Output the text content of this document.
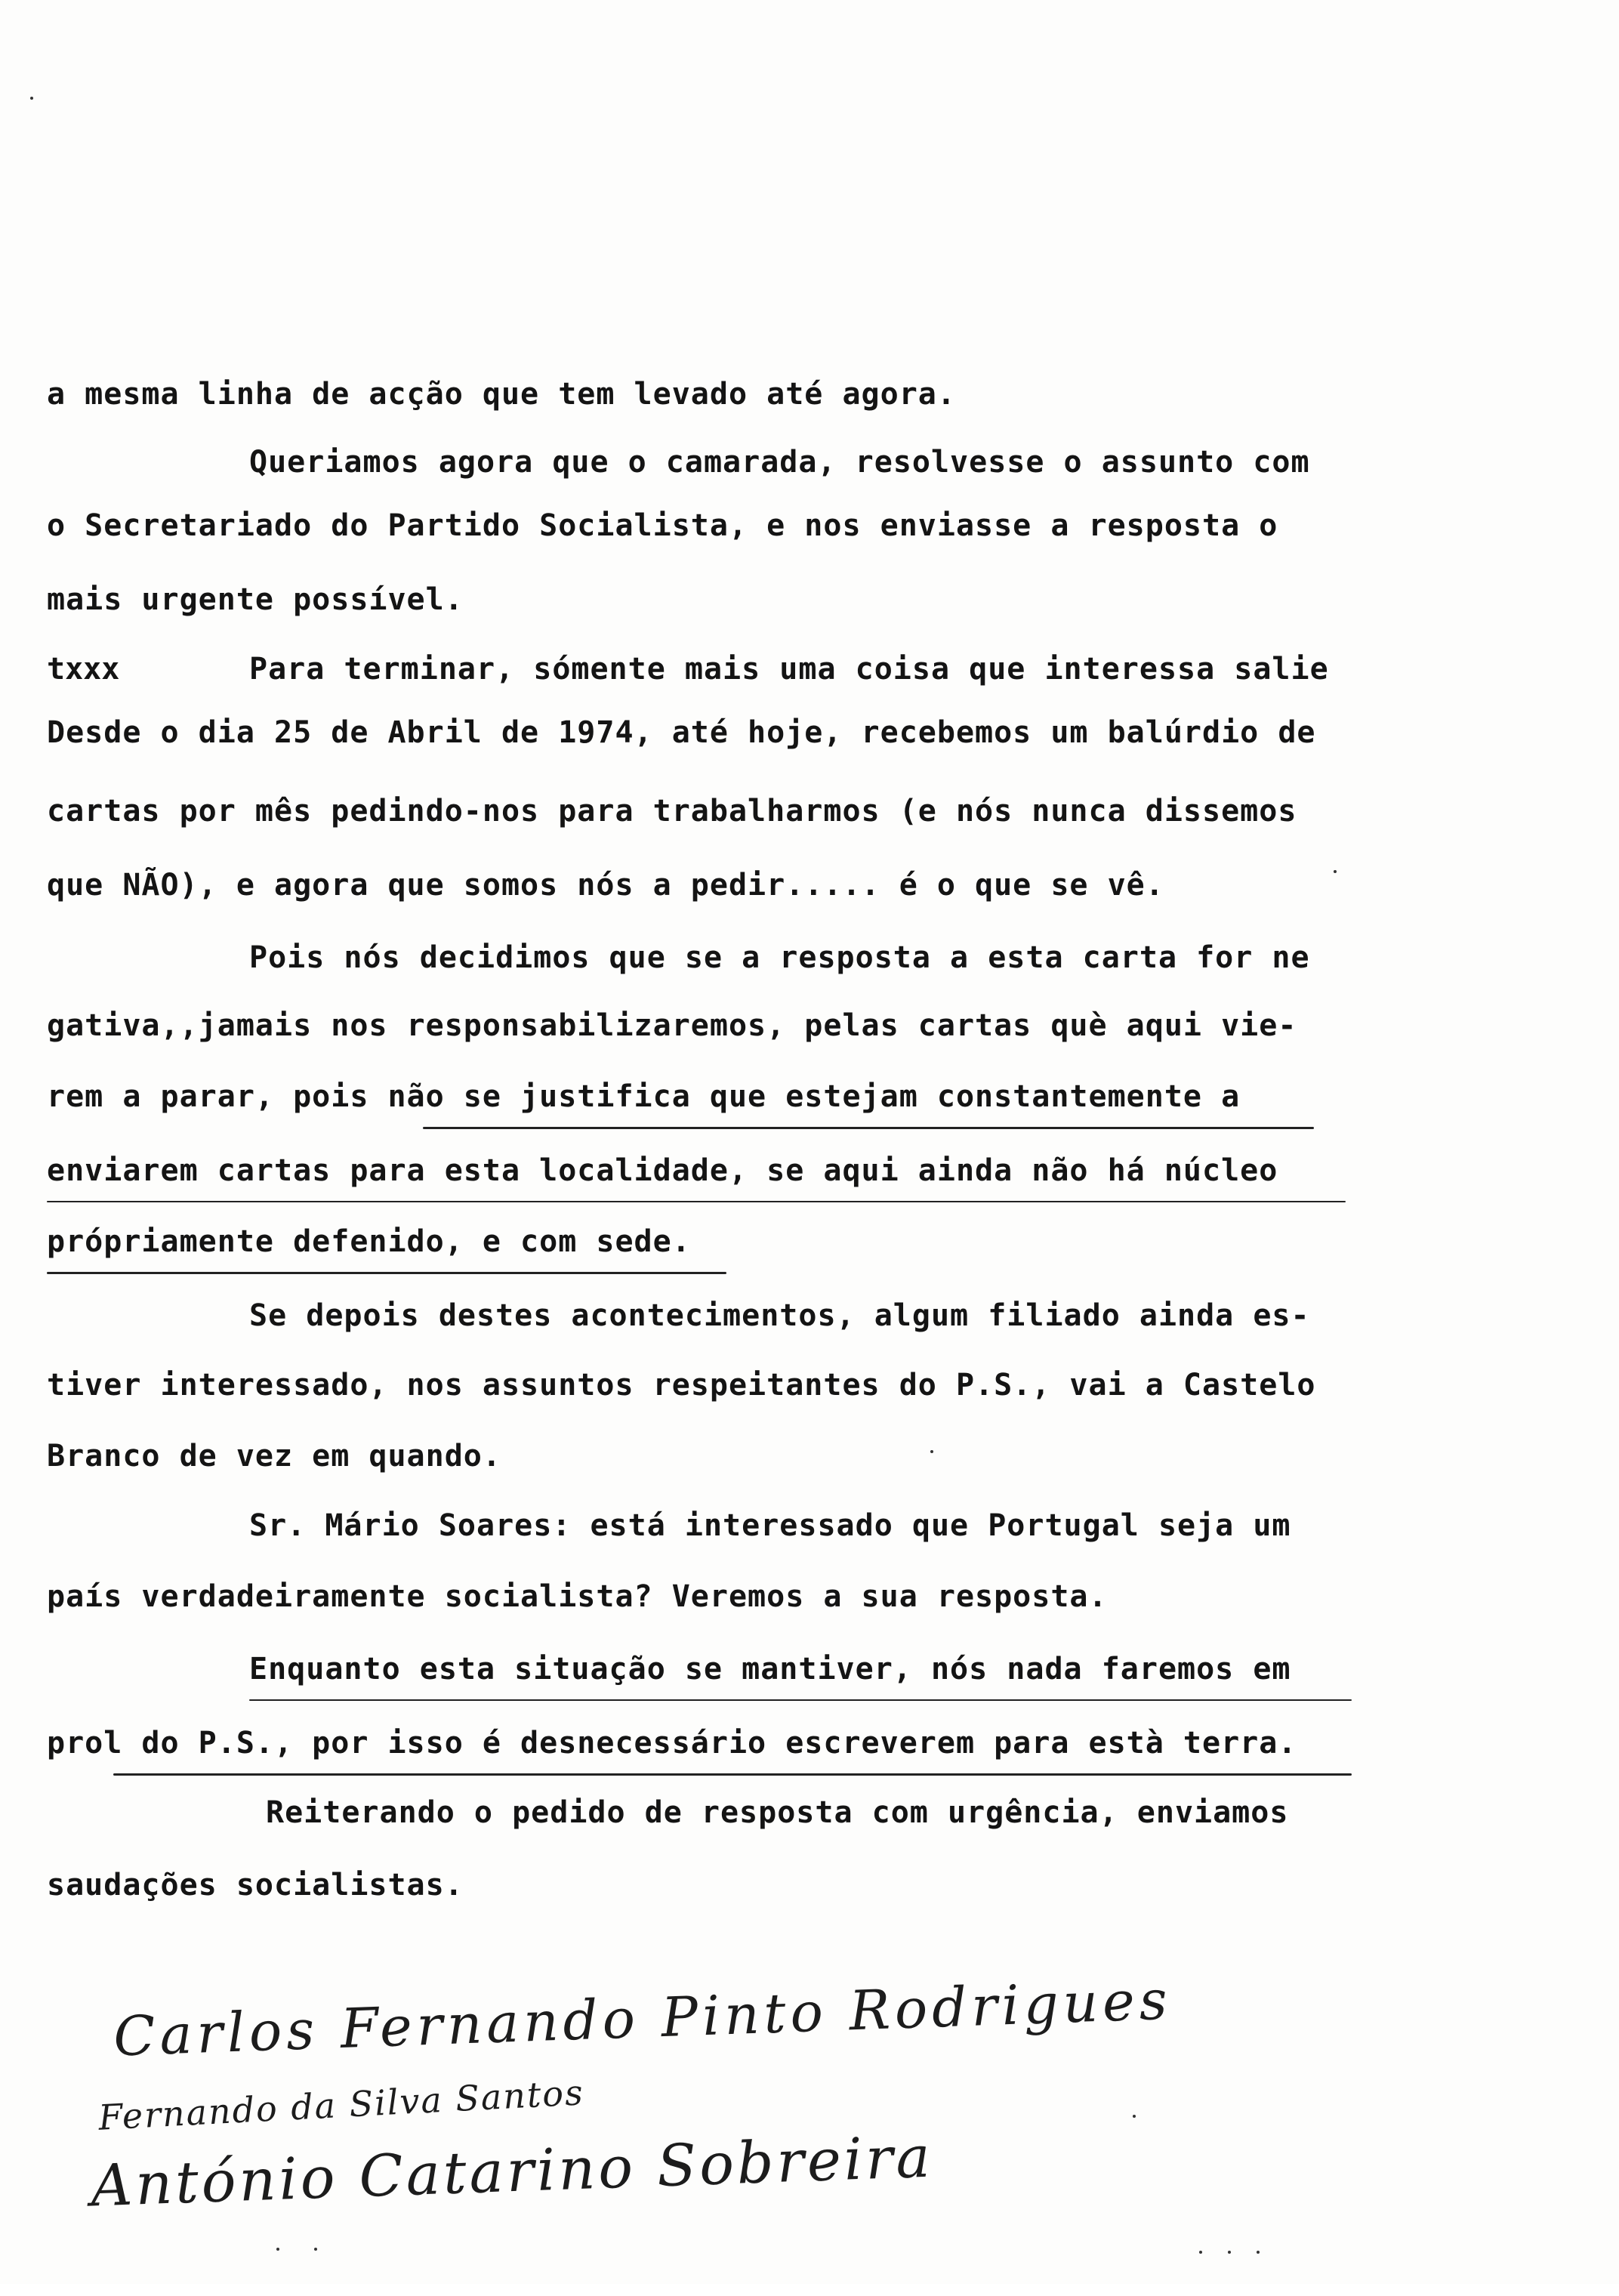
a mesma linha de acção que tem levado até agora.
Queriamos agora que o camarada, resolvesse o assunto com
o Secretariado do Partido Socialista, e nos enviasse a resposta o
mais urgente possível.
txxx	Para terminar, sómente mais uma coisa que interessa salie
Desde o dia 25 de Abril de 1974, até hoje, recebemos um balúrdio de
cartas por mês pedindo-nos para trabalharmos (e nós nunca dissemos
que NÃO), e agora que somos nós a pedir..... é o que se vê.
Pois nós decidimos que se a resposta a esta carta for ne
gativa,,jamais nos responsabilizaremos, pelas cartas què aqui vie-
rem a parar, pois não se justifica que estejam constantemente a
enviarem cartas para esta localidade, se aqui ainda não há núcleo
própriamente defenido, e com sede.
Se depois destes acontecimentos, algum filiado ainda es-
tiver interessado, nos assuntos respeitantes do P.S., vai a Castelo
Branco de vez em quando.
Sr. Mário Soares: está interessado que Portugal seja um
país verdadeiramente socialista? Veremos a sua resposta.
Enquanto esta situação se mantiver, nós nada faremos em
prol do P.S., por isso é desnecessário escreverem para està terra.
Reiterando o pedido de resposta com urgência, enviamos
saudações socialistas.
Carlos Fernando Pinto Rodrigues
Fernando da Silva Santos
António Catarino Sobreira
